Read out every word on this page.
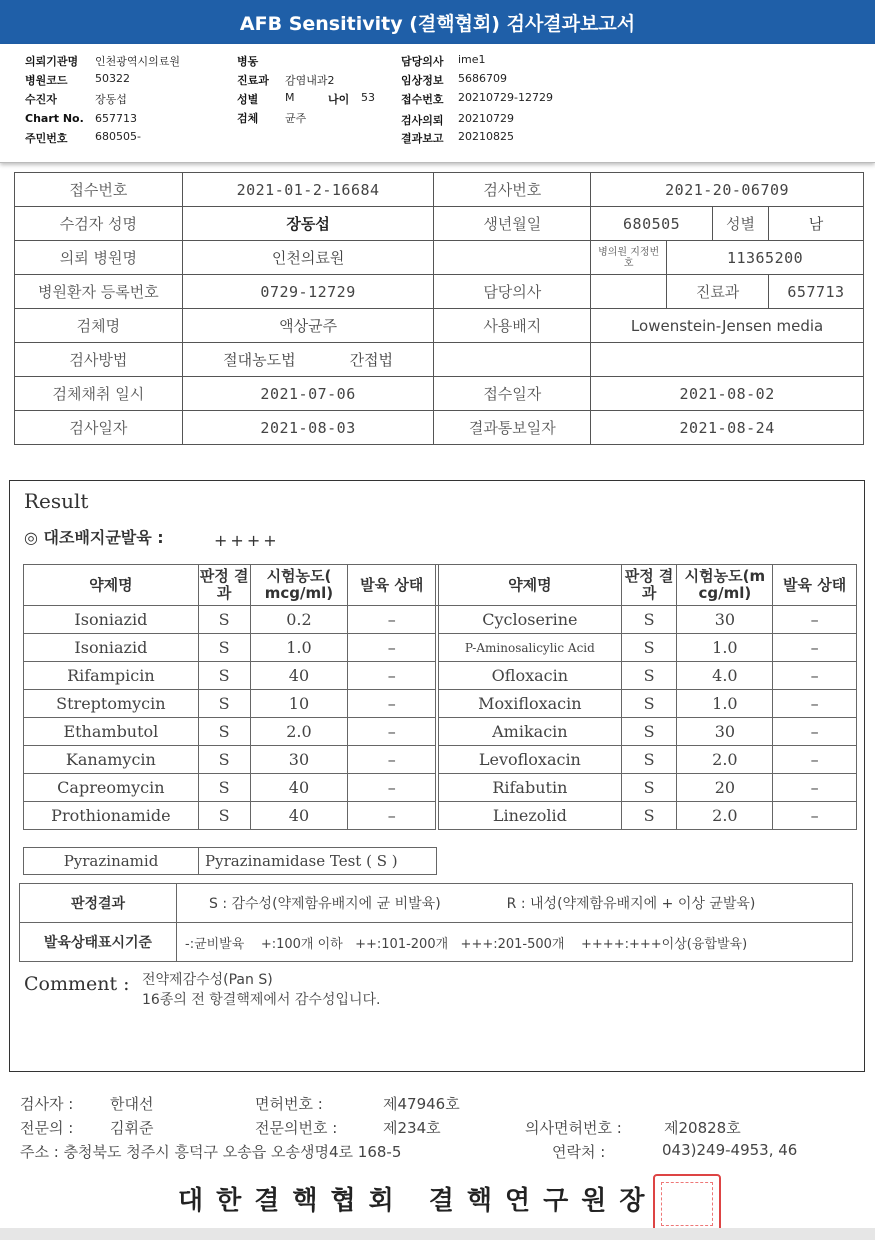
AFB Sensitivity (결핵협회) 검사결과보고서
의뢰기관명 인천광역시의료원
병원코드 50322
수진자	장동섭
Chart No. 657713
주민번호 680505-
병동
진료과 감염내과2
성별 M	나이 53
검체 균주
담당의사 ime1
임상정보 5686709
접수번호 20210729-12729
검사의뢰 20210729
결과보고 20210825
접수번호	2021-01-2-16684	검사번호	2021-20-06709			
수검자 성명	장동섭	생년월일	680505		성별	남
의뢰 병원명	인천의료원		병의원 지정번호	11365200		
병원환자 등록번호	0729-12729	담당의사		진료과		657713
검체명	액상균주	사용배지	Lowenstein-Jensen media			
검사방법	절대농도법 간접법					
검체채취 일시	2021-07-06	접수일자	2021-08-02			
검사일자	2021-08-03	결과통보일자	2021-08-24			
Result
◎ 대조배지균발육 :	++++
약제명	판정 결과	시험농도( mcg/ml)	발육 상태		약제명	판정 결과	시험농도(m cg/ml)	발육 상태
Isoniazid	S	0.2	–		Cycloserine	S	30	–
Isoniazid	S	1.0	–		P-Aminosalicylic Acid	S	1.0	–
Rifampicin	S	40	–		Ofloxacin	S	4.0	–
Streptomycin	S	10	–		Moxifloxacin	S	1.0	–
Ethambutol	S	2.0	–		Amikacin	S	30	–
Kanamycin	S	30	–		Levofloxacin	S	2.0	–
Capreomycin	S	40	–		Rifabutin	S	20	–
Prothionamide	S	40	–		Linezolid	S	2.0	–
Pyrazinamid	Pyrazinamidase Test ( S )
판정결과	S : 감수성(약제함유배지에 균 비발육) R : 내성(약제함유배지에 + 이상 균발육)
발육상태표시기준	-:균비발육    +:100개 이하   ++:101-200개   +++:201-500개    ++++:+++이상(융합발육)
Comment : 전약제감수성(Pan S)
16종의 전 항결핵제에서 감수성입니다.
검사자 : 한대선	면허번호 :	제47946호
전문의 : 김휘준	전문의번호 :	제234호	의사면허번호 :	제20828호
주소 : 충청북도 청주시 흥덕구 오송읍 오송생명4로 168-5	연락처 :	043)249-4953, 46
대한결핵협회 결핵연구원장
